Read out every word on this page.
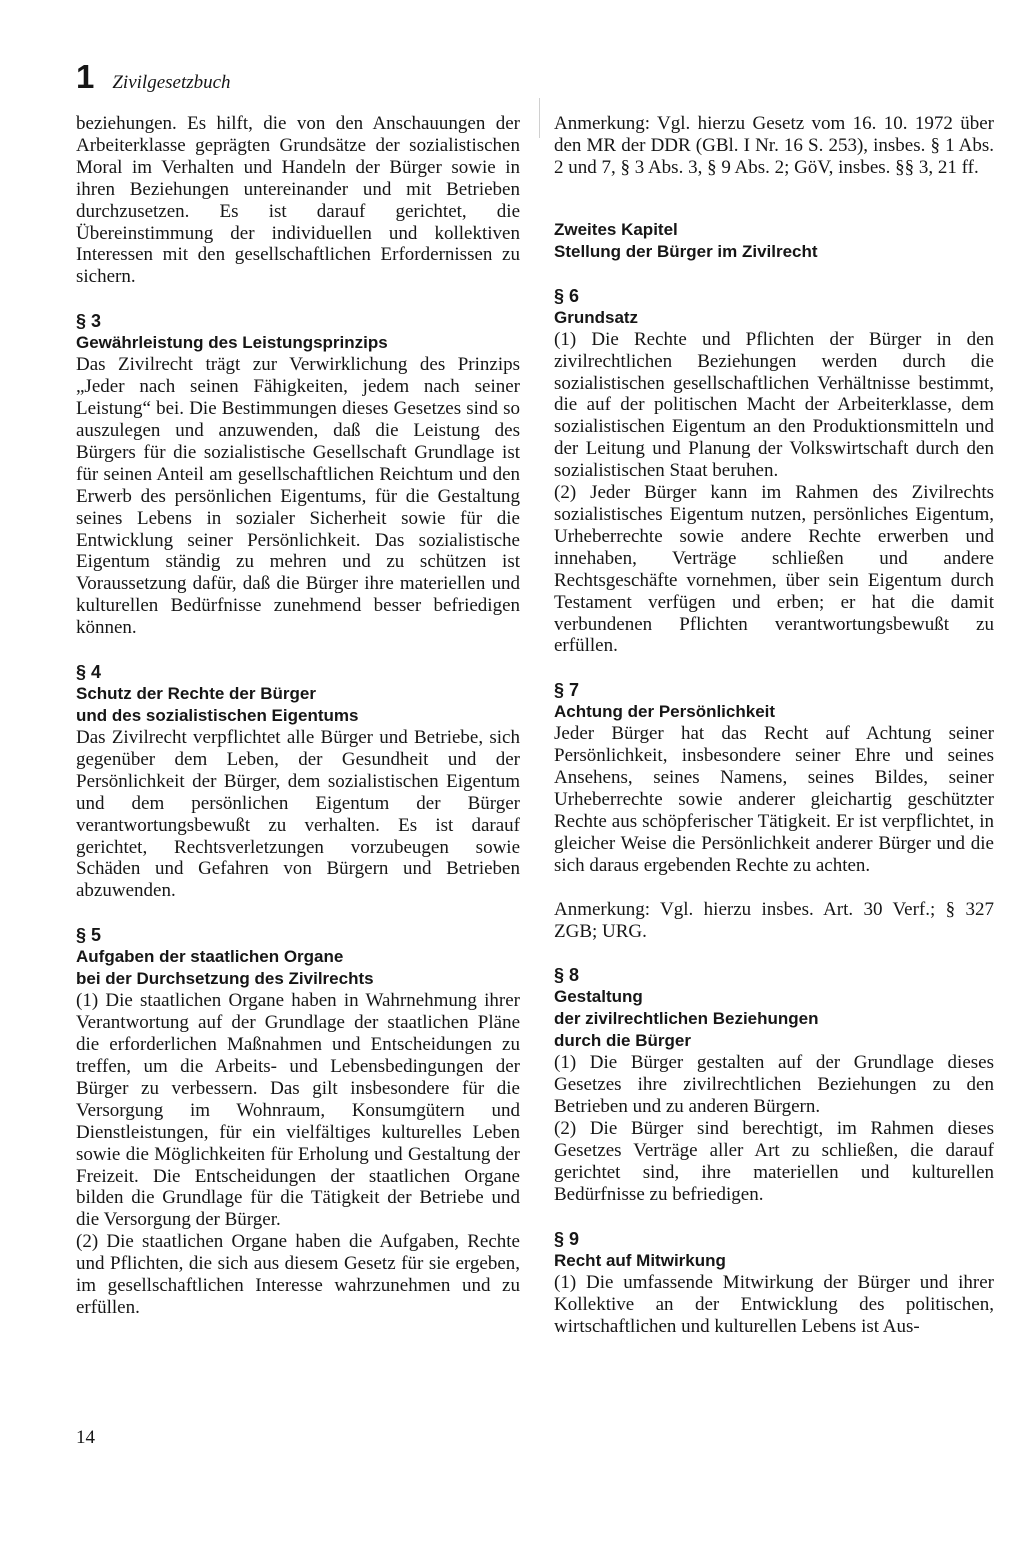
1 Zivilgesetzbuch

beziehungen. Es hilft, die von den Anschauungen der Arbeiterklasse geprägten Grundsätze der sozialistischen Moral im Verhalten und Handeln der Bürger sowie in ihren Beziehungen untereinander und mit Betrieben durchzusetzen. Es ist darauf gerichtet, die Übereinstimmung der individuellen und kollektiven Interessen mit den gesellschaftlichen Erfordernissen zu sichern.

§ 3

Gewährleistung des Leistungsprinzips

Das Zivilrecht trägt zur Verwirklichung des Prinzips „Jeder nach seinen Fähigkeiten, jedem nach seiner Leistung“ bei. Die Bestimmungen dieses Gesetzes sind so auszulegen und anzuwenden, daß die Leistung des Bürgers für die sozialistische Gesellschaft Grundlage ist für seinen Anteil am gesellschaftlichen Reichtum und den Erwerb des persönlichen Eigentums, für die Gestaltung seines Lebens in sozialer Sicherheit sowie für die Entwicklung seiner Persönlichkeit. Das sozialistische Eigentum ständig zu mehren und zu schützen ist Voraussetzung dafür, daß die Bürger ihre materiellen und kulturellen Bedürfnisse zunehmend besser befriedigen können.

§ 4

Schutz der Rechte der Bürger

und des sozialistischen Eigentums

Das Zivilrecht verpflichtet alle Bürger und Betriebe, sich gegenüber dem Leben, der Gesundheit und der Persönlichkeit der Bürger, dem sozialistischen Eigentum und dem persönlichen Eigentum der Bürger verantwortungsbewußt zu verhalten. Es ist darauf gerichtet, Rechtsverletzungen vorzubeugen sowie Schäden und Gefahren von Bürgern und Betrieben abzuwenden.

§ 5

Aufgaben der staatlichen Organe

bei der Durchsetzung des Zivilrechts

(1) Die staatlichen Organe haben in Wahrnehmung ihrer Verantwortung auf der Grundlage der staatlichen Pläne die erforderlichen Maßnahmen und Entscheidungen zu treffen, um die Arbeits- und Lebensbedingungen der Bürger zu verbessern. Das gilt insbesondere für die Versorgung im Wohnraum, Konsumgütern und Dienstleistungen, für ein vielfältiges kulturelles Leben sowie die Möglichkeiten für Erholung und Gestaltung der Freizeit. Die Entscheidungen der staatlichen Organe bilden die Grundlage für die Tätigkeit der Betriebe und die Versorgung der Bürger.

(2) Die staatlichen Organe haben die Aufgaben, Rechte und Pflichten, die sich aus diesem Gesetz für sie ergeben, im gesellschaftlichen Interesse wahrzunehmen und zu erfüllen.

Anmerkung: Vgl. hierzu Gesetz vom 16. 10. 1972 über den MR der DDR (GBl. I Nr. 16 S. 253), insbes. § 1 Abs. 2 und 7, § 3 Abs. 3, § 9 Abs. 2; GöV, insbes. §§ 3, 21 ff.

Zweites Kapitel

Stellung der Bürger im Zivilrecht

§ 6

Grundsatz

(1) Die Rechte und Pflichten der Bürger in den zivilrechtlichen Beziehungen werden durch die sozialistischen gesellschaftlichen Verhältnisse bestimmt, die auf der politischen Macht der Arbeiterklasse, dem sozialistischen Eigentum an den Produktionsmitteln und der Leitung und Planung der Volkswirtschaft durch den sozialistischen Staat beruhen.

(2) Jeder Bürger kann im Rahmen des Zivilrechts sozialistisches Eigentum nutzen, persönliches Eigentum, Urheberrechte sowie andere Rechte erwerben und innehaben, Verträge schließen und andere Rechtsgeschäfte vornehmen, über sein Eigentum durch Testament verfügen und erben; er hat die damit verbundenen Pflichten verantwortungsbewußt zu erfüllen.

§ 7

Achtung der Persönlichkeit

Jeder Bürger hat das Recht auf Achtung seiner Persönlichkeit, insbesondere seiner Ehre und seines Ansehens, seines Namens, seines Bildes, seiner Urheberrechte sowie anderer gleichartig geschützter Rechte aus schöpferischer Tätigkeit. Er ist verpflichtet, in gleicher Weise die Persönlichkeit anderer Bürger und die sich daraus ergebenden Rechte zu achten.

Anmerkung: Vgl. hierzu insbes. Art. 30 Verf.; § 327 ZGB; URG.

§ 8

Gestaltung

der zivilrechtlichen Beziehungen

durch die Bürger

(1) Die Bürger gestalten auf der Grundlage dieses Gesetzes ihre zivilrechtlichen Beziehungen zu den Betrieben und zu anderen Bürgern.

(2) Die Bürger sind berechtigt, im Rahmen dieses Gesetzes Verträge aller Art zu schließen, die darauf gerichtet sind, ihre materiellen und kulturellen Bedürfnisse zu befriedigen.

§ 9

Recht auf Mitwirkung

(1) Die umfassende Mitwirkung der Bürger und ihrer Kollektive an der Entwicklung des politischen, wirtschaftlichen und kulturellen Lebens ist Aus-

14
